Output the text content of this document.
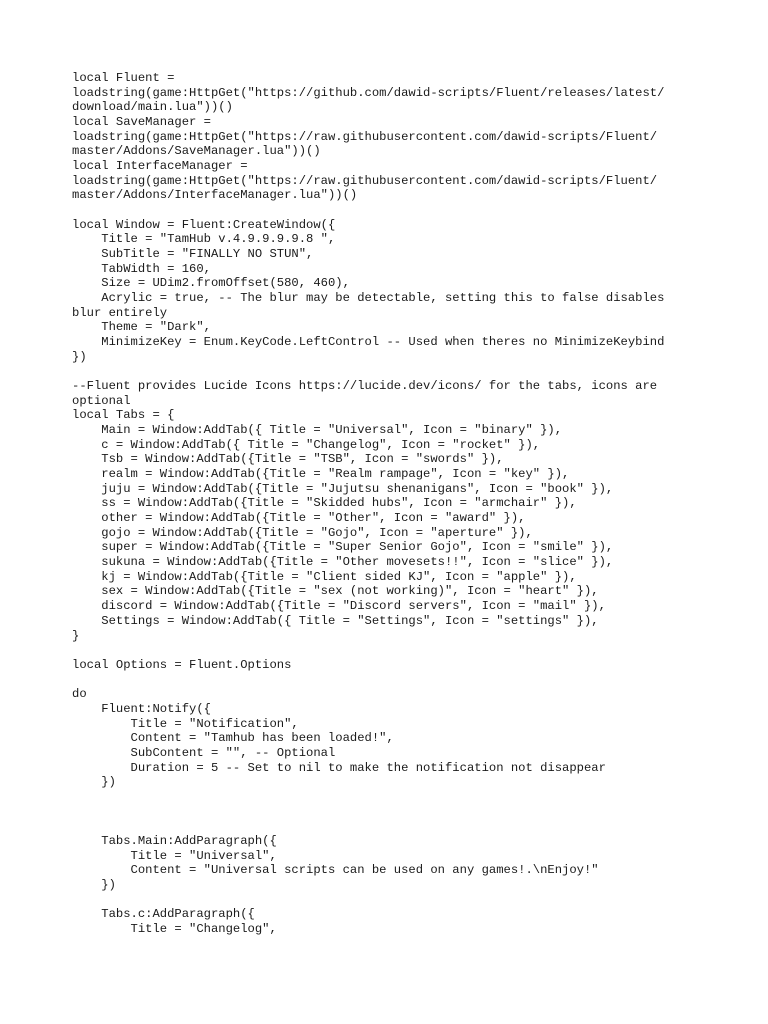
local Fluent =
loadstring(game:HttpGet("https://github.com/dawid-scripts/Fluent/releases/latest/
download/main.lua"))()
local SaveManager =
loadstring(game:HttpGet("https://raw.githubusercontent.com/dawid-scripts/Fluent/
master/Addons/SaveManager.lua"))()
local InterfaceManager =
loadstring(game:HttpGet("https://raw.githubusercontent.com/dawid-scripts/Fluent/
master/Addons/InterfaceManager.lua"))()
local Window = Fluent:CreateWindow({
Title = "TamHub v.4.9.9.9.9.8 ",
SubTitle = "FINALLY NO STUN",
TabWidth = 160,
Size = UDim2.fromOffset(580, 460),
Acrylic = true, -- The blur may be detectable, setting this to false disables
blur entirely
Theme = "Dark",
MinimizeKey = Enum.KeyCode.LeftControl -- Used when theres no MinimizeKeybind
})
--Fluent provides Lucide Icons https://lucide.dev/icons/ for the tabs, icons are
optional
local Tabs = {
Main = Window:AddTab({ Title = "Universal", Icon = "binary" }),
c = Window:AddTab({ Title = "Changelog", Icon = "rocket" }),
Tsb = Window:AddTab({Title = "TSB", Icon = "swords" }),
realm = Window:AddTab({Title = "Realm rampage", Icon = "key" }),
juju = Window:AddTab({Title = "Jujutsu shenanigans", Icon = "book" }),
ss = Window:AddTab({Title = "Skidded hubs", Icon = "armchair" }),
other = Window:AddTab({Title = "Other", Icon = "award" }),
gojo = Window:AddTab({Title = "Gojo", Icon = "aperture" }),
super = Window:AddTab({Title = "Super Senior Gojo", Icon = "smile" }),
sukuna = Window:AddTab({Title = "Other movesets!!", Icon = "slice" }),
kj = Window:AddTab({Title = "Client sided KJ", Icon = "apple" }),
sex = Window:AddTab({Title = "sex (not working)", Icon = "heart" }),
discord = Window:AddTab({Title = "Discord servers", Icon = "mail" }),
Settings = Window:AddTab({ Title = "Settings", Icon = "settings" }),
}
local Options = Fluent.Options
do
Fluent:Notify({
Title = "Notification",
Content = "Tamhub has been loaded!",
SubContent = "", -- Optional
Duration = 5 -- Set to nil to make the notification not disappear
})
Tabs.Main:AddParagraph({
Title = "Universal",
Content = "Universal scripts can be used on any games!.\nEnjoy!"
})
Tabs.c:AddParagraph({
Title = "Changelog",
